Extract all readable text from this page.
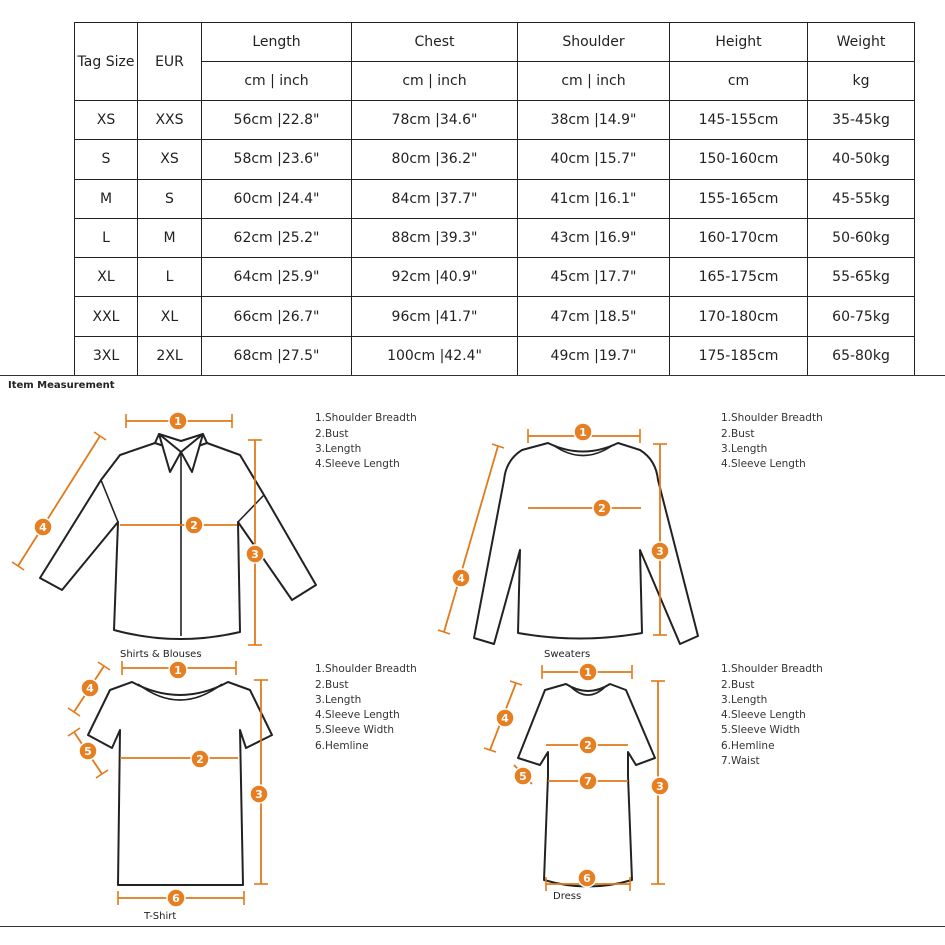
Tag Size	EUR	Length	Chest	Shoulder	Height	Weight
		cm | inch	cm | inch	cm | inch	cm	kg
XS	XXS	56cm |22.8"	78cm |34.6"	38cm |14.9"	145-155cm	35-45kg
S	XS	58cm |23.6"	80cm |36.2"	40cm |15.7"	150-160cm	40-50kg
M	S	60cm |24.4"	84cm |37.7"	41cm |16.1"	155-165cm	45-55kg
L	M	62cm |25.2"	88cm |39.3"	43cm |16.9"	160-170cm	50-60kg
XL	L	64cm |25.9"	92cm |40.9"	45cm |17.7"	165-175cm	55-65kg
XXL	XL	66cm |26.7"	96cm |41.7"	47cm |18.5"	170-180cm	60-75kg
3XL	2XL	68cm |27.5"	100cm |42.4"	49cm |19.7"	175-185cm	65-80kg
Item Measurement
1
2
3
4
Shirts & Blouses
1.Shoulder Breadth
2.Bust
3.Length
4.Sleeve Length
1
2
3
4
Sweaters
1.Shoulder Breadth
2.Bust
3.Length
4.Sleeve Length
1
2
3
4
5
6
T-Shirt
1.Shoulder Breadth
2.Bust
3.Length
4.Sleeve Length
5.Sleeve Width
6.Hemline
1
2
3
4
5
6
7
Dress
1.Shoulder Breadth
2.Bust
3.Length
4.Sleeve Length
5.Sleeve Width
6.Hemline
7.Waist
